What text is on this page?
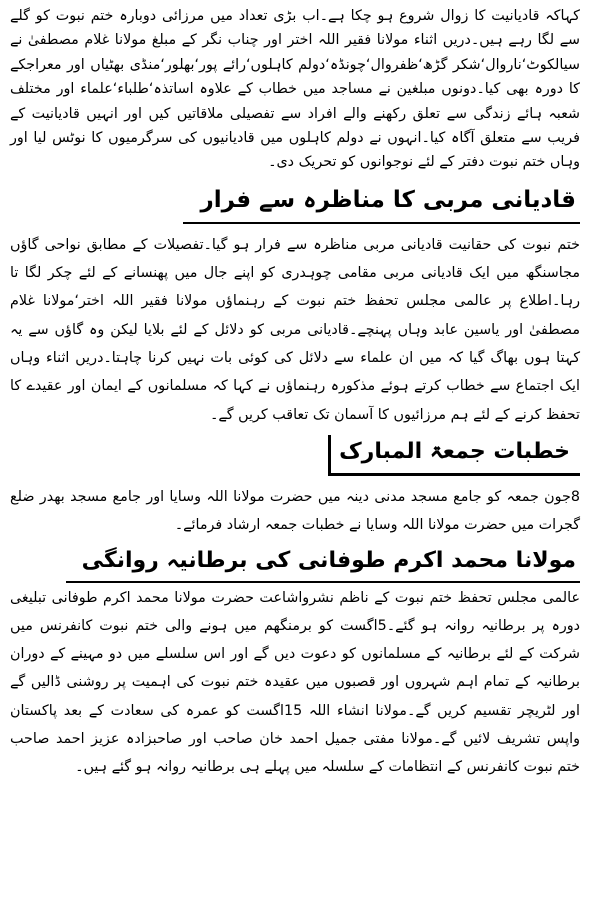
کہاکہ قادیانیت کا زوال شروع ہو چکا ہے۔اب بڑی تعداد میں مرزائی دوبارہ ختم نبوت کو گلے سے لگا رہے ہیں۔دریں اثناء مولانا فقیر اللہ اختر اور چناب نگر کے مبلغ مولانا غلام مصطفیٰ نے سیالکوٹ‘ناروال‘شکر گڑھ‘ظفروال‘چونڈہ‘دولم کاہلوں‘رائے پور‘بھلور‘منڈی بھٹیاں اور معراجکے کا دورہ بھی کیا۔دونوں مبلغین نے مساجد میں خطاب کے علاوہ اساتذہ‘طلباء‘علماء اور مختلف شعبہ ہائے زندگی سے تعلق رکھنے والے افراد سے تفصیلی ملاقاتیں کیں اور انہیں قادیانیت کے فریب سے متعلق آگاہ کیا۔انہوں نے دولم کاہلوں میں قادیانیوں کی سرگرمیوں کا نوٹس لیا اور وہاں ختم نبوت دفتر کے لئے نوجوانوں کو تحریک دی۔

قادیانی مربی کا مناظرہ سے فرار

ختم نبوت کی حقانیت قادیانی مربی مناظرہ سے فرار ہو گیا۔تفصیلات کے مطابق نواحی گاؤں مجاسنگھ میں ایک قادیانی مربی مقامی چوہدری کو اپنے جال میں پھنسانے کے لئے چکر لگا تا رہا۔اطلاع پر عالمی مجلس تحفظ ختم نبوت کے رہنماؤں مولانا فقیر اللہ اختر‘مولانا غلام مصطفیٰ اور یاسین عابد وہاں پہنچے۔قادیانی مربی کو دلائل کے لئے بلایا لیکن وہ گاؤں سے یہ کہتا ہوں بھاگ گیا کہ میں ان علماء سے دلائل کی کوئی بات نہیں کرنا چاہتا۔دریں اثناء وہاں ایک اجتماع سے خطاب کرتے ہوئے مذکورہ رہنماؤں نے کہا کہ مسلمانوں کے ایمان اور عقیدے کا تحفظ کرنے کے لئے ہم مرزائیوں کا آسمان تک تعاقب کریں گے۔

خطبات جمعۃ المبارک

8جون جمعہ کو جامع مسجد مدنی دینہ میں حضرت مولانا اللہ وسایا اور جامع مسجد بھدر ضلع گجرات میں حضرت مولانا اللہ وسایا نے خطبات جمعہ ارشاد فرمائے۔

مولانا محمد اکرم طوفانی کی برطانیہ روانگی

عالمی مجلس تحفظ ختم نبوت کے ناظم نشرواشاعت حضرت مولانا محمد اکرم طوفانی تبلیغی دورہ پر برطانیہ روانہ ہو گئے۔5اگست کو برمنگھم میں ہونے والی ختم نبوت کانفرنس میں شرکت کے لئے برطانیہ کے مسلمانوں کو دعوت دیں گے اور اس سلسلے میں دو مہینے کے دوران برطانیہ کے تمام اہم شہروں اور قصبوں میں عقیدہ ختم نبوت کی اہمیت پر روشنی ڈالیں گے اور لٹریچر تقسیم کریں گے۔مولانا انشاء اللہ 15اگست کو عمرہ کی سعادت کے بعد پاکستان واپس تشریف لائیں گے۔مولانا مفتی جمیل احمد خان صاحب اور صاحبزادہ عزیز احمد صاحب ختم نبوت کانفرنس کے انتظامات کے سلسلہ میں پہلے ہی برطانیہ روانہ ہو گئے ہیں۔
